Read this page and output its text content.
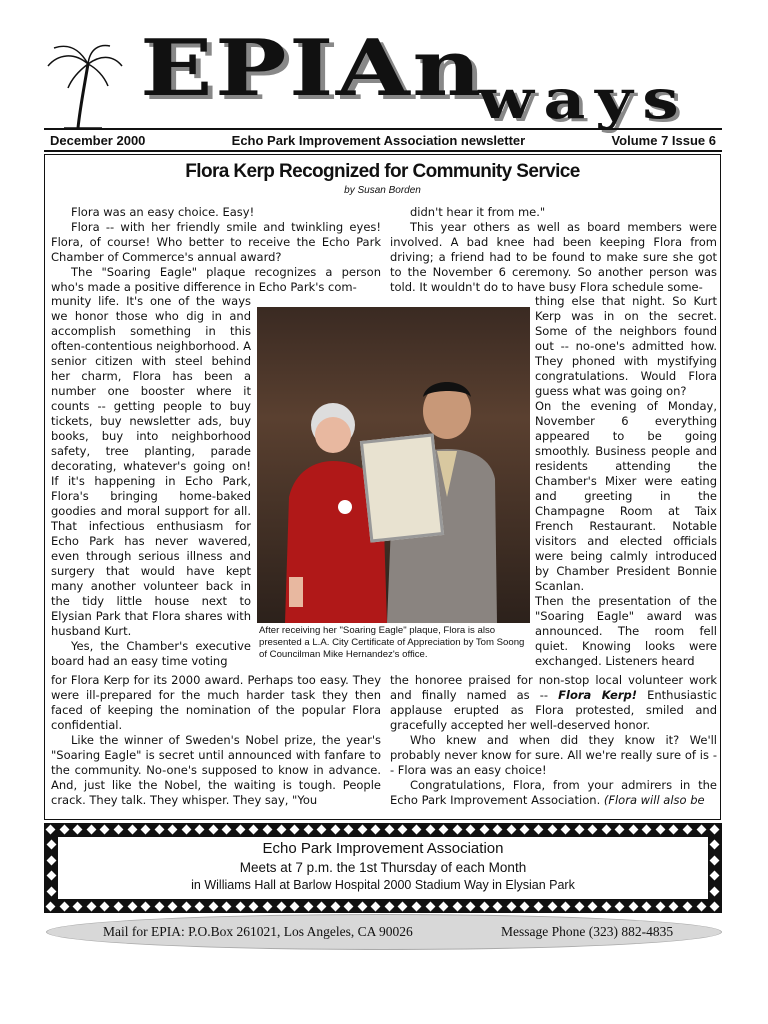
EPIAn
ways
December 2000	Echo Park Improvement Association newsletter	Volume 7 Issue 6
Flora Kerp Recognized for Community Service
by Susan Borden

Flora was an easy choice. Easy!

Flora -- with her friendly smile and twinkling eyes! Flora, of course! Who better to receive the Echo Park Chamber of Commerce's annual award?

The "Soaring Eagle" plaque recognizes a person who's made a positive difference in Echo Park's com-

munity life. It's one of the ways we honor those who dig in and accomplish something in this often-contentious neighborhood. A senior citizen with steel behind her charm, Flora has been a number one booster where it counts -- getting people to buy tickets, buy newsletter ads, buy books, buy into neighborhood safety, tree planting, parade decorating, whatever's going on! If it's happening in Echo Park, Flora's bringing home-baked goodies and moral support for all. That infectious enthusiasm for Echo Park has never wavered, even through serious illness and surgery that would have kept many another volunteer back in the tidy little house next to Elysian Park that Flora shares with husband Kurt.

Yes, the Chamber's executive board had an easy time voting

for Flora Kerp for its 2000 award. Perhaps too easy. They were ill-prepared for the much harder task they then faced of keeping the nomination of the popular Flora confidential.

Like the winner of Sweden's Nobel prize, the year's "Soaring Eagle" is secret until announced with fanfare to the community. No-one's supposed to know in advance. And, just like the Nobel, the waiting is tough. People crack. They talk. They whisper. They say, "You

didn't hear it from me."

This year others as well as board members were involved. A bad knee had been keeping Flora from driving; a friend had to be found to make sure she got to the November 6 ceremony. So another person was told. It wouldn't do to have busy Flora schedule some-

thing else that night. So Kurt Kerp was in on the secret. Some of the neighbors found out -- no-one's admitted how. They phoned with mystifying congratulations. Would Flora guess what was going on?

On the evening of Monday, November 6 everything appeared to be going smoothly. Business people and residents attending the Chamber's Mixer were eating and greeting in the Champagne Room at Taix French Restaurant. Notable visitors and elected officials were being calmly introduced by Chamber President Bonnie Scanlan.

Then the presentation of the "Soaring Eagle" award was announced. The room fell quiet. Knowing looks were exchanged. Listeners heard

the honoree praised for non-stop local volunteer work and finally named as -- Flora Kerp! Enthusiastic applause erupted as Flora protested, smiled and gracefully accepted her well-deserved honor.

Who knew and when did they know it? We'll probably never know for sure. All we're really sure of is -- Flora was an easy choice!

Congratulations, Flora, from your admirers in the Echo Park Improvement Association. (Flora will also be

After receiving her "Soaring Eagle" plaque, Flora is also presented a L.A. City Certificate of Appreciation by Tom Soong of Councilman Mike Hernandez's office.
Echo Park Improvement Association
Meets at 7 p.m. the 1st Thursday of each Month
in Williams Hall at Barlow Hospital 2000 Stadium Way in Elysian Park
Mail for EPIA: P.O.Box 261021, Los Angeles, CA 90026	Message Phone (323) 882-4835
